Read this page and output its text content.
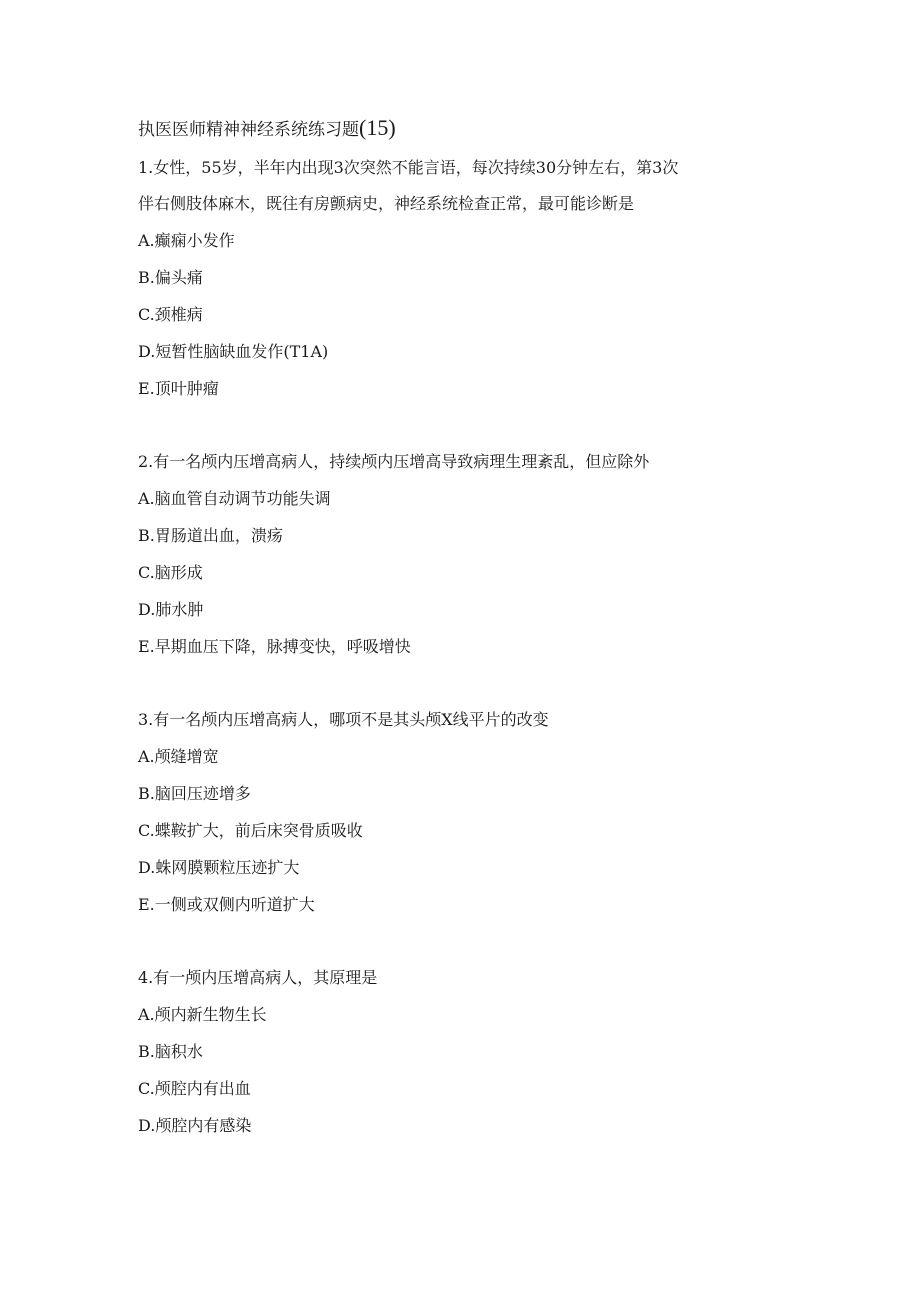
执医医师精神神经系统练习题(15)
1.女性，55岁，半年内出现3次突然不能言语，每次持续30分钟左右，第3次
伴右侧肢体麻木，既往有房颤病史，神经系统检查正常，最可能诊断是
A.癫痫小发作
B.偏头痛
C.颈椎病
D.短暂性脑缺血发作(T1A)
E.顶叶肿瘤
2.有一名颅内压增高病人，持续颅内压增高导致病理生理紊乱，但应除外
A.脑血管自动调节功能失调
B.胃肠道出血，溃疡
C.脑形成
D.肺水肿
E.早期血压下降，脉搏变快，呼吸增快
3.有一名颅内压增高病人，哪项不是其头颅X线平片的改变
A.颅缝增宽
B.脑回压迹增多
C.蝶鞍扩大，前后床突骨质吸收
D.蛛网膜颗粒压迹扩大
E.一侧或双侧内听道扩大
4.有一颅内压增高病人，其原理是
A.颅内新生物生长
B.脑积水
C.颅腔内有出血
D.颅腔内有感染
